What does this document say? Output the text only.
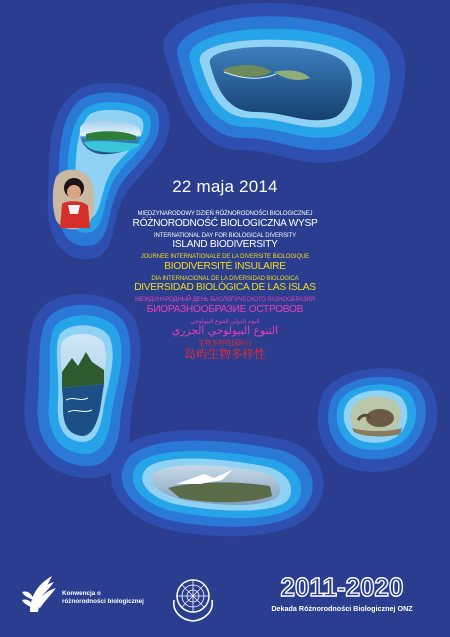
22 maja 2014
MIĘDZYNARODOWY DZIEŃ RÓŻNORODNOŚCI BIOLOGICZNEJ
RÓŻNORODNOŚĆ BIOLOGICZNA WYSP
INTERNATIONAL DAY FOR BIOLOGICAL DIVERSITY
ISLAND BIODIVERSITY
JOURNÉE INTERNATIONALE DE LA DIVERSITÉ BIOLOGIQUE
BIODIVERSITÉ INSULAIRE
DÍA INTERNACIONAL DE LA DIVERSIDAD BIOLÓGICA
DIVERSIDAD BIOLÓGICA DE LAS ISLAS
МЕЖДУНАРОДНЫЙ ДЕНЬ БИОЛОГИЧЕСКОГО РАЗНООБРАЗИЯ
БИОРАЗНООБРАЗИЕ ОСТРОВОВ
اليوم الدولي للتنوع البيولوجي
التنوع البيولوجي الجزري
生物多样性国际日
岛屿生物多样性
2011-2020
Konwencja o
różnorodności biologicznej
Dekada Różnorodności Biologicznej ONZ
